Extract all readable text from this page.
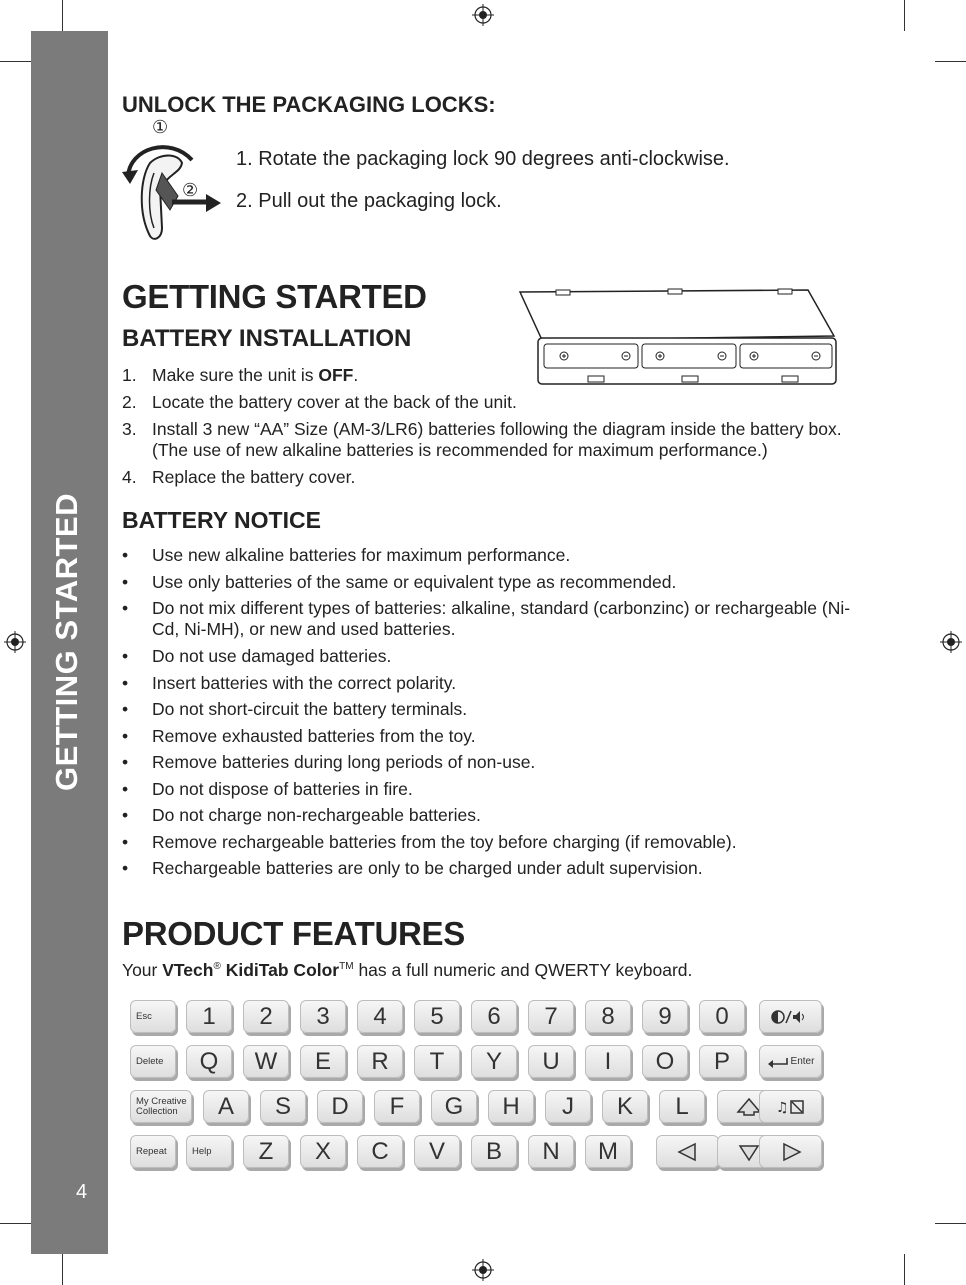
GETTING STARTED
4
UNLOCK THE PACKAGING LOCKS:
①
②
1. Rotate the packaging lock 90 degrees anti-clockwise.
2. Pull out the packaging lock.
GETTING STARTED
BATTERY INSTALLATION
1. Make sure the unit is OFF.
2. Locate the battery cover at the back of the unit.
3. Install 3 new “AA” Size (AM-3/LR6) batteries following the diagram inside the battery box. (The use of new alkaline batteries is recommended for maximum performance.)
4. Replace the battery cover.
BATTERY NOTICE
• Use new alkaline batteries for maximum performance.
• Use only batteries of the same or equivalent type as recommended.
• Do not mix different types of batteries: alkaline, standard (carbonzinc) or rechargeable (Ni-Cd, Ni-MH), or new and used batteries.
• Do not use damaged batteries.
• Insert batteries with the correct polarity.
• Do not short-circuit the battery terminals.
• Remove exhausted batteries from the toy.
• Remove batteries during long periods of non-use.
• Do not dispose of batteries in fire.
• Do not charge non-rechargeable batteries.
• Remove rechargeable batteries from the toy before charging (if removable).
• Rechargeable batteries are only to be charged under adult supervision.
PRODUCT FEATURES
Your VTech® KidiTab Color™ has a full numeric and QWERTY keyboard.
Esc	1	2	3	4	5	6	7	8	9	0
Delete	Q	W	E	R	T	Y	U	I	O	P	Enter
My Creative Collection	A	S	D	F	G	H	J	K	L	♫
Repeat	Help	Z	X	C	V	B	N	M
